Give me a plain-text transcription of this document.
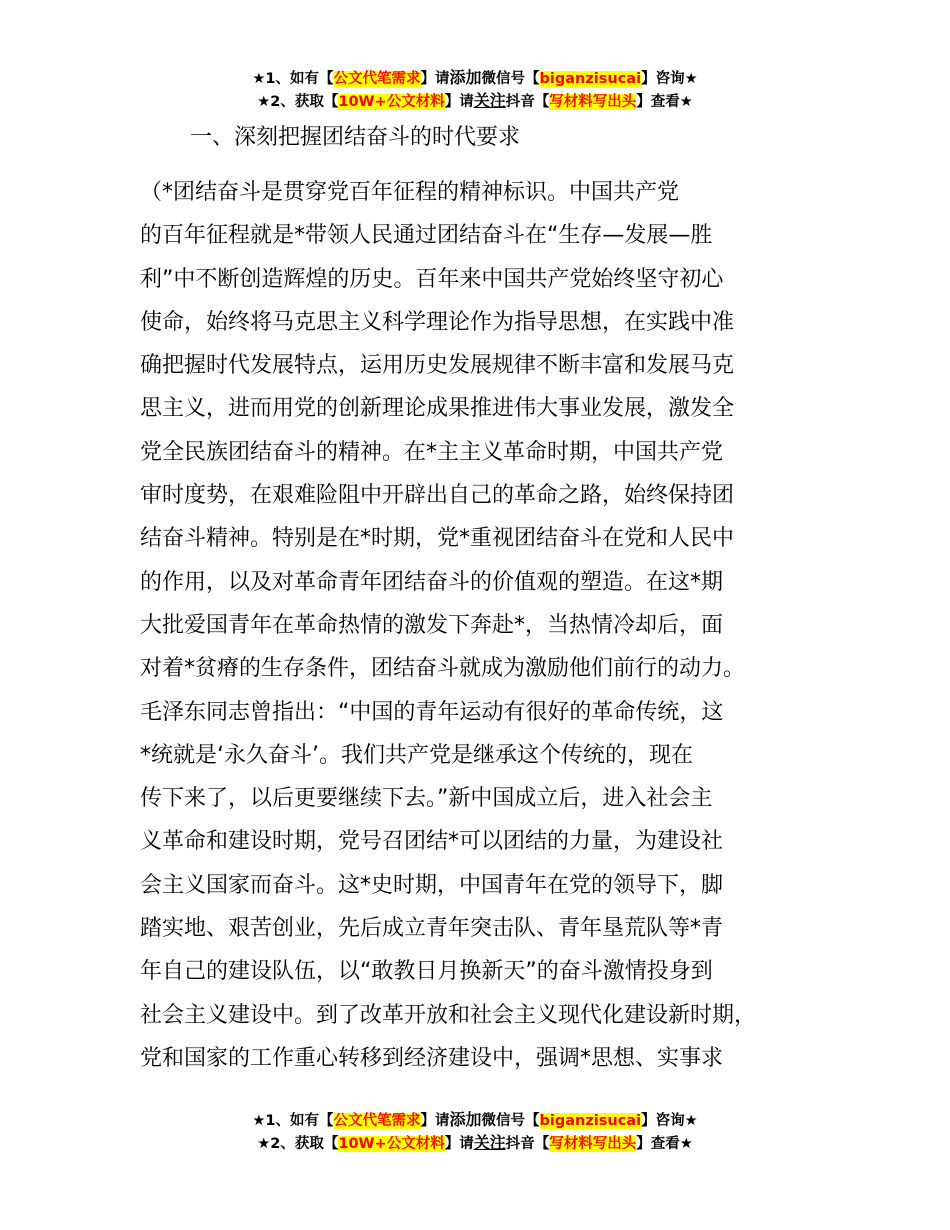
★1、如有【公文代笔需求】请添加微信号【biganzisucai】咨询★
★2、获取【10W+公文材料】请关注抖音【写材料写出头】查看★
一、深刻把握团结奋斗的时代要求
（*团结奋斗是贯穿党百年征程的精神标识。中国共产党
的百年征程就是*带领人民通过团结奋斗在“生存—发展—胜
利”中不断创造辉煌的历史。百年来中国共产党始终坚守初心
使命，始终将马克思主义科学理论作为指导思想，在实践中准
确把握时代发展特点，运用历史发展规律不断丰富和发展马克
思主义，进而用党的创新理论成果推进伟大事业发展，激发全
党全民族团结奋斗的精神。在*主主义革命时期，中国共产党
审时度势，在艰难险阻中开辟出自己的革命之路，始终保持团
结奋斗精神。特别是在*时期，党*重视团结奋斗在党和人民中
的作用，以及对革命青年团结奋斗的价值观的塑造。在这*期
大批爱国青年在革命热情的激发下奔赴*，当热情冷却后，面
对着*贫瘠的生存条件，团结奋斗就成为激励他们前行的动力。
毛泽东同志曾指出：“中国的青年运动有很好的革命传统，这
*统就是‘永久奋斗’。我们共产党是继承这个传统的，现在
传下来了，以后更要继续下去。”新中国成立后，进入社会主
义革命和建设时期，党号召团结*可以团结的力量，为建设社
会主义国家而奋斗。这*史时期，中国青年在党的领导下，脚
踏实地、艰苦创业，先后成立青年突击队、青年垦荒队等*青
年自己的建设队伍，以“敢教日月换新天”的奋斗激情投身到
社会主义建设中。到了改革开放和社会主义现代化建设新时期，
党和国家的工作重心转移到经济建设中，强调*思想、实事求
★1、如有【公文代笔需求】请添加微信号【biganzisucai】咨询★
★2、获取【10W+公文材料】请关注抖音【写材料写出头】查看★
